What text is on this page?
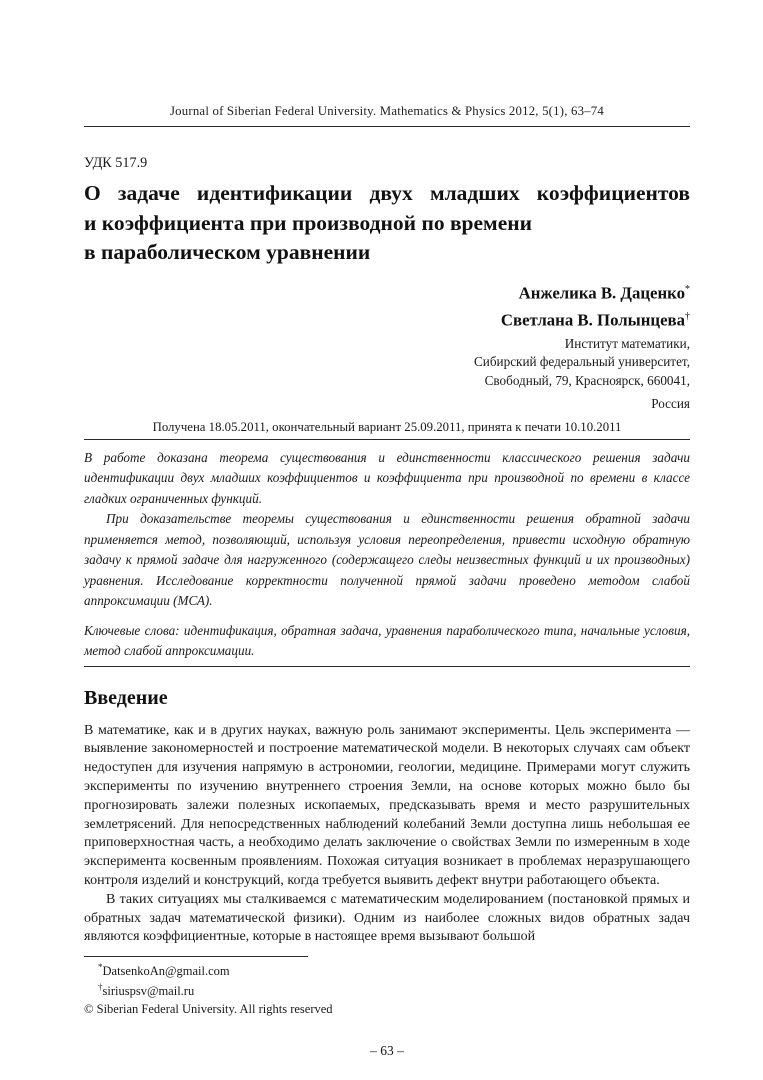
Journal of Siberian Federal University. Mathematics & Physics 2012, 5(1), 63–74
УДК 517.9
О задаче идентификации двух младших коэффициентов
и коэффициента при производной по времени
в параболическом уравнении
Анжелика В. Даценко*
Светлана В. Полынцева†
Институт математики,
Сибирский федеральный университет,
Свободный, 79, Красноярск, 660041,
Россия
Получена 18.05.2011, окончательный вариант 25.09.2011, принята к печати 10.10.2011

В работе доказана теорема существования и единственности классического решения задачи идентификации двух младших коэффициентов и коэффициента при производной по времени в классе гладких ограниченных функций.

При доказательстве теоремы существования и единственности решения обратной задачи применяется метод, позволяющий, используя условия переопределения, привести исходную обратную задачу к прямой задаче для нагруженного (содержащего следы неизвестных функций и их производных) уравнения. Исследование корректности полученной прямой задачи проведено методом слабой аппроксимации (МСА).

Ключевые слова: идентификация, обратная задача, уравнения параболического типа, начальные условия, метод слабой аппроксимации.

Введение

В математике, как и в других науках, важную роль занимают эксперименты. Цель эксперимента — выявление закономерностей и построение математической модели. В некоторых случаях сам объект недоступен для изучения напрямую в астрономии, геологии, медицине. Примерами могут служить эксперименты по изучению внутреннего строения Земли, на основе которых можно было бы прогнозировать залежи полезных ископаемых, предсказывать время и место разрушительных землетрясений. Для непосредственных наблюдений колебаний Земли доступна лишь небольшая ее приповерхностная часть, а необходимо делать заключение о свойствах Земли по измеренным в ходе эксперимента косвенным проявлениям. Похожая ситуация возникает в проблемах неразрушающего контроля изделий и конструкций, когда требуется выявить дефект внутри работающего объекта.

В таких ситуациях мы сталкиваемся с математическим моделированием (постановкой прямых и обратных задач математической физики). Одним из наиболее сложных видов обратных задач являются коэффициентные, которые в настоящее время вызывают большой

*DatsenkoAn@gmail.com
†siriuspsv@mail.ru
© Siberian Federal University. All rights reserved
– 63 –
